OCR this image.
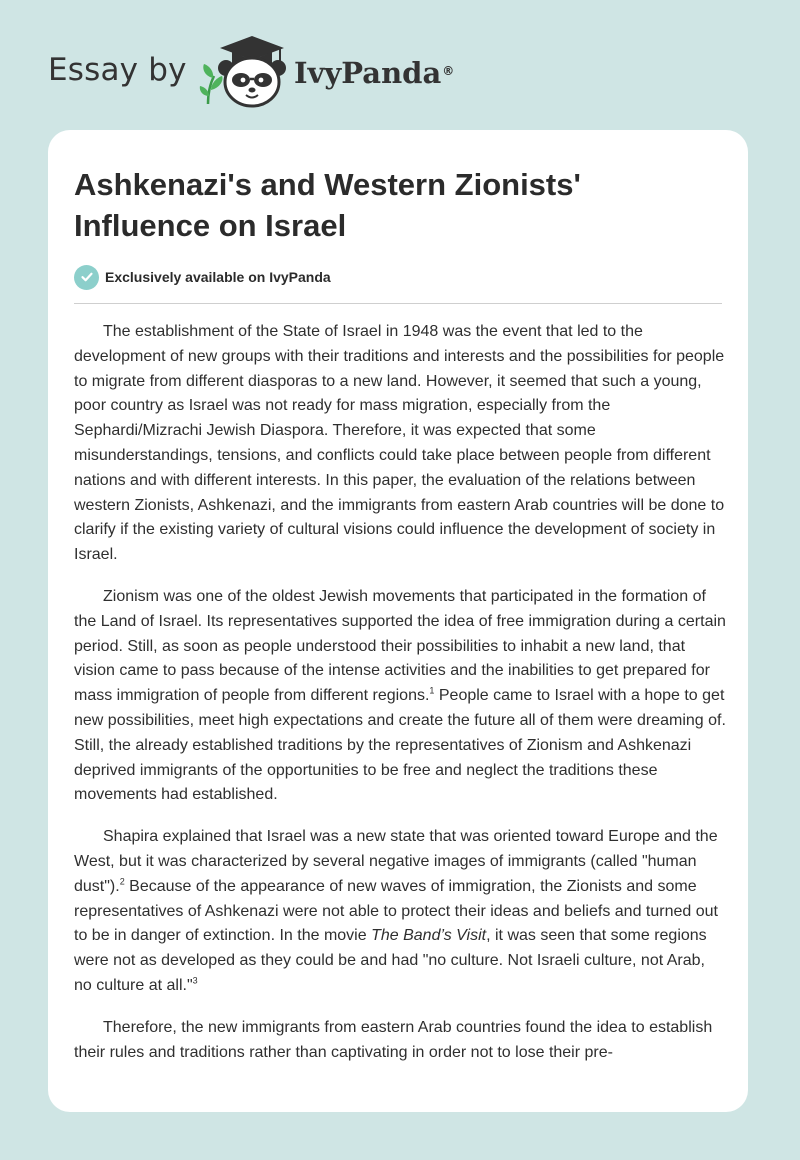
Essay by	IvyPanda®
Ashkenazi's and Western Zionists' Influence on Israel
Exclusively available on IvyPanda

The establishment of the State of Israel in 1948 was the event that led to the development of new groups with their traditions and interests and the possibilities for people to migrate from different diasporas to a new land. However, it seemed that such a young, poor country as Israel was not ready for mass migration, especially from the Sephardi/Mizrachi Jewish Diaspora. Therefore, it was expected that some misunderstandings, tensions, and conflicts could take place between people from different nations and with different interests. In this paper, the evaluation of the relations between western Zionists, Ashkenazi, and the immigrants from eastern Arab countries will be done to clarify if the existing variety of cultural visions could influence the development of society in Israel.

Zionism was one of the oldest Jewish movements that participated in the formation of the Land of Israel. Its representatives supported the idea of free immigration during a certain period. Still, as soon as people understood their possibilities to inhabit a new land, that vision came to pass because of the intense activities and the inabilities to get prepared for mass immigration of people from different regions.$^1$ People came to Israel with a hope to get new possibilities, meet high expectations and create the future all of them were dreaming of. Still, the already established traditions by the representatives of Zionism and Ashkenazi deprived immigrants of the opportunities to be free and neglect the traditions these movements had established.

Shapira explained that Israel was a new state that was oriented toward Europe and the West, but it was characterized by several negative images of immigrants (called "human dust").$^2$ Because of the appearance of new waves of immigration, the Zionists and some representatives of Ashkenazi were not able to protect their ideas and beliefs and turned out to be in danger of extinction. In the movie The Band’s Visit, it was seen that some regions were not as developed as they could be and had "no culture. Not Israeli culture, not Arab, no culture at all."$^3$

Therefore, the new immigrants from eastern Arab countries found the idea to establish their rules and traditions rather than captivating in order not to lose their pre-
